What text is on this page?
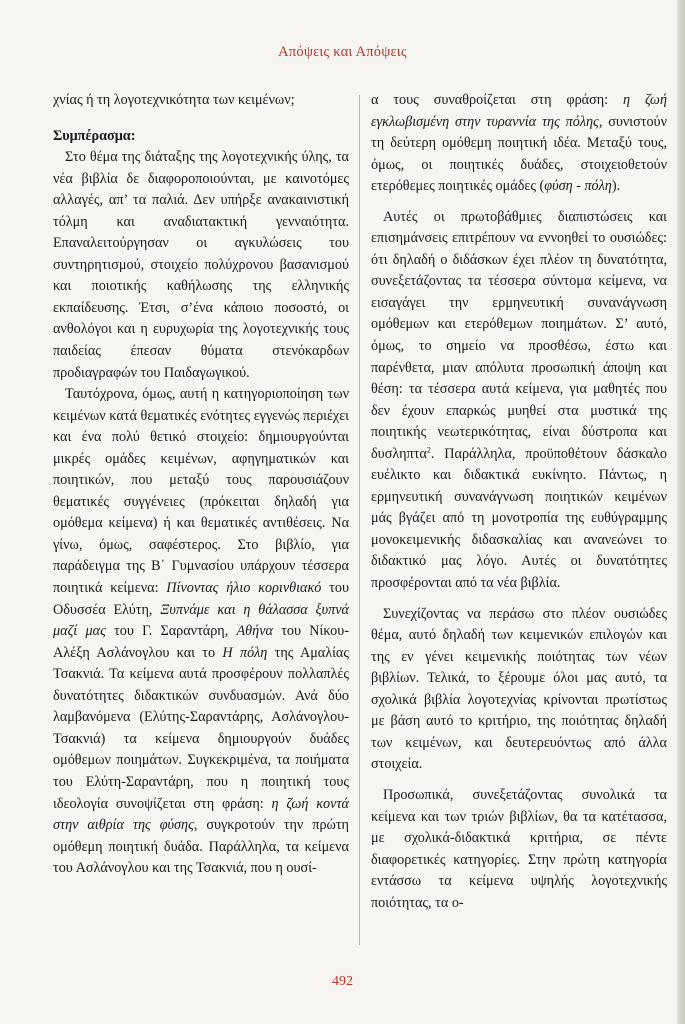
Απόψεις και Απόψεις

χνίας ή τη λογοτεχνικότητα των κειμένων;

Συμπέρασμα:

Στο θέμα της διάταξης της λογοτεχνικής ύλης, τα νέα βιβλία δε διαφοροποιούνται, με καινοτόμες αλλαγές, απ’ τα παλιά. Δεν υπήρξε ανακαινιστική τόλμη και αναδιατακτική γενναιότητα. Επαναλειτούργησαν οι αγκυλώσεις του συντηρητισμού, στοιχείο πολύχρονου βασανισμού και ποιοτικής καθήλωσης της ελληνικής εκπαίδευσης. Έτσι, σ’ένα κάποιο ποσοστό, οι ανθολόγοι και η ευρυχωρία της λογοτεχνικής τους παιδείας έπεσαν θύματα στενόκαρδων προδιαγραφών του Παιδαγωγικού.

Ταυτόχρονα, όμως, αυτή η κατηγοριοποίηση των κειμένων κατά θεματικές ενότητες εγγενώς περιέχει και ένα πολύ θετικό στοιχείο: δημιουργούνται μικρές ομάδες κειμένων, αφηγηματικών και ποιητικών, που μεταξύ τους παρουσιάζουν θεματικές συγγένειες (πρόκειται δηλαδή για ομόθεμα κείμενα) ή και θεματικές αντιθέσεις. Να γίνω, όμως, σαφέστερος. Στο βιβλίο, για παράδειγμα της Β΄ Γυμνασίου υπάρχουν τέσσερα ποιητικά κείμενα: Πίνοντας ήλιο κορινθιακό του Οδυσσέα Ελύτη, Ξυπνάμε και η θάλασσα ξυπνά μαζί μας του Γ. Σαραντάρη, Αθήνα του Νίκου-Αλέξη Ασλάνογλου και το Η πόλη της Αμαλίας Τσακνιά. Τα κείμενα αυτά προσφέρουν πολλαπλές δυνατότητες διδακτικών συνδυασμών. Ανά δύο λαμβανόμενα (Ελύτης-Σαραντάρης, Ασλάνογλου-Τσακνιά) τα κείμενα δημιουργούν δυάδες ομόθεμων ποιημάτων. Συγκεκριμένα, τα ποιήματα του Ελύτη-Σαραντάρη, που η ποιητική τους ιδεολογία συνοψίζεται στη φράση: η ζωή κοντά στην αιθρία της φύσης, συγκροτούν την πρώτη ομόθεμη ποιητική δυάδα. Παράλληλα, τα κείμενα του Ασλάνογλου και της Τσακνιά, που η ουσί-

α τους συναθροίζεται στη φράση: η ζωή εγκλωβισμένη στην τυραννία της πόλης, συνιστούν τη δεύτερη ομόθεμη ποιητική ιδέα. Μεταξύ τους, όμως, οι ποιητικές δυάδες, στοιχειοθετούν ετερόθεμες ποιητικές ομάδες (φύση - πόλη).

Αυτές οι πρωτοβάθμιες διαπιστώσεις και επισημάνσεις επιτρέπουν να εννοηθεί το ουσιώδες: ότι δηλαδή ο διδάσκων έχει πλέον τη δυνατότητα, συνεξετάζοντας τα τέσσερα σύντομα κείμενα, να εισαγάγει την ερμηνευτική συνανάγνωση ομόθεμων και ετερόθεμων ποιημάτων. Σ’ αυτό, όμως, το σημείο να προσθέσω, έστω και παρένθετα, μιαν απόλυτα προσωπική άποψη και θέση: τα τέσσερα αυτά κείμενα, για μαθητές που δεν έχουν επαρκώς μυηθεί στα μυστικά της ποιητικής νεωτερικότητας, είναι δύστροπα και δυσληπτα$^2$. Παράλληλα, προϋποθέτουν δάσκαλο ευέλικτο και διδακτικά ευκίνητο. Πάντως, η ερμηνευτική συνανάγνωση ποιητικών κειμένων μάς βγάζει από τη μονοτροπία της ευθύγραμμης μονοκειμενικής διδασκαλίας και ανανεώνει το διδακτικό μας λόγο. Αυτές οι δυνατότητες προσφέρονται από τα νέα βιβλία.

Συνεχίζοντας να περάσω στο πλέον ουσιώδες θέμα, αυτό δηλαδή των κειμενικών επιλογών και της εν γένει κειμενικής ποιότητας των νέων βιβλίων. Τελικά, το ξέρουμε όλοι μας αυτό, τα σχολικά βιβλία λογοτεχνίας κρίνονται πρωτίστως με βάση αυτό το κριτήριο, της ποιότητας δηλαδή των κειμένων, και δευτερευόντως από άλλα στοιχεία.

Προσωπικά, συνεξετάζοντας συνολικά τα κείμενα και των τριών βιβλίων, θα τα κατέτασσα, με σχολικά-διδακτικά κριτήρια, σε πέντε διαφορετικές κατηγορίες. Στην πρώτη κατηγορία εντάσσω τα κείμενα υψηλής λογοτεχνικής ποιότητας, τα ο-

492
